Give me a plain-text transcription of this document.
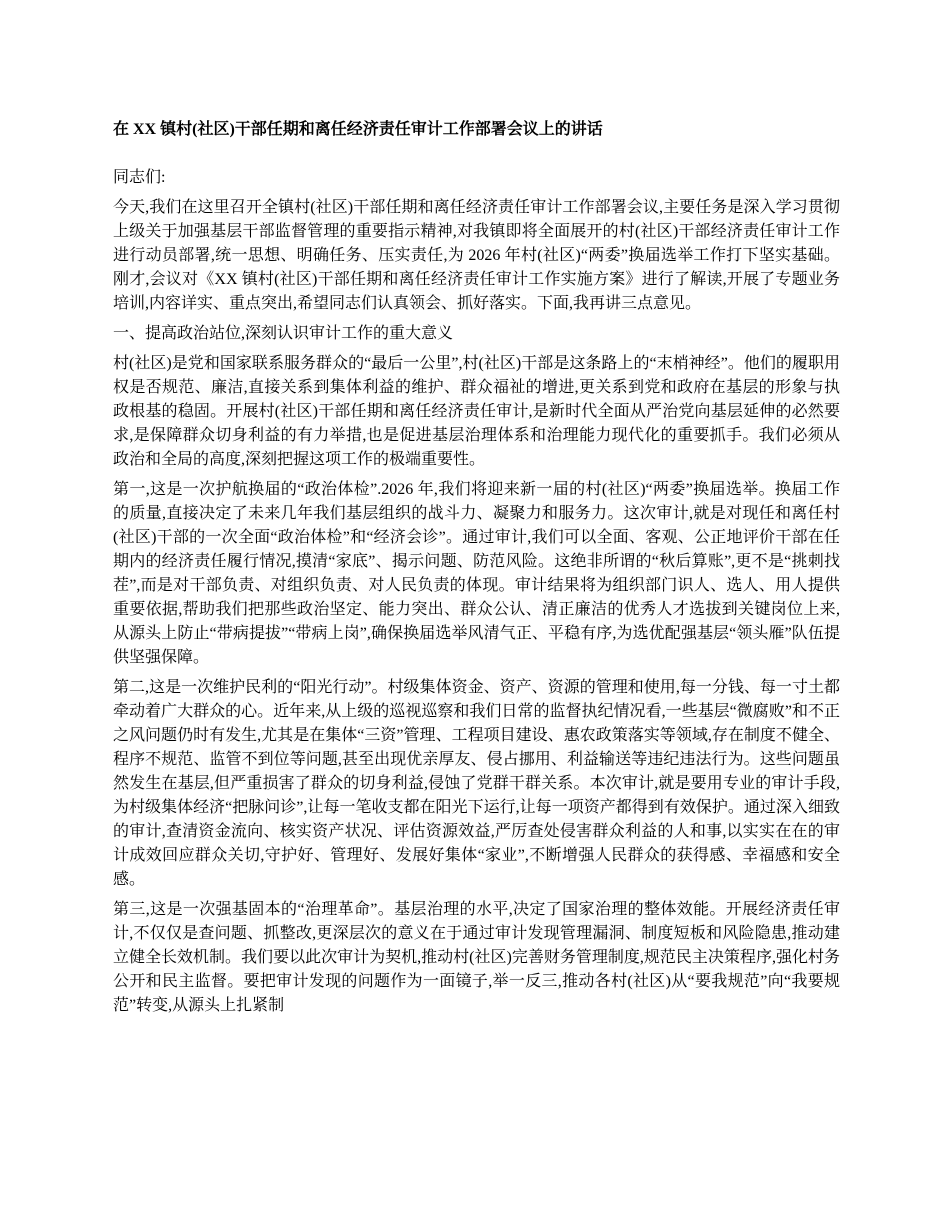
在 XX 镇村(社区)干部任期和离任经济责任审计工作部署会议上的讲话

同志们:

今天,我们在这里召开全镇村(社区)干部任期和离任经济责任审计工作部署会议,主要任务是深入学习贯彻上级关于加强基层干部监督管理的重要指示精神,对我镇即将全面展开的村(社区)干部经济责任审计工作进行动员部署,统一思想、明确任务、压实责任,为 2026 年村(社区)“两委”换届选举工作打下坚实基础。刚才,会议对《XX 镇村(社区)干部任期和离任经济责任审计工作实施方案》进行了解读,开展了专题业务培训,内容详实、重点突出,希望同志们认真领会、抓好落实。下面,我再讲三点意见。

一、提高政治站位,深刻认识审计工作的重大意义

村(社区)是党和国家联系服务群众的“最后一公里”,村(社区)干部是这条路上的“末梢神经”。他们的履职用权是否规范、廉洁,直接关系到集体利益的维护、群众福祉的增进,更关系到党和政府在基层的形象与执政根基的稳固。开展村(社区)干部任期和离任经济责任审计,是新时代全面从严治党向基层延伸的必然要求,是保障群众切身利益的有力举措,也是促进基层治理体系和治理能力现代化的重要抓手。我们必须从政治和全局的高度,深刻把握这项工作的极端重要性。

第一,这是一次护航换届的“政治体检”.2026 年,我们将迎来新一届的村(社区)“两委”换届选举。换届工作的质量,直接决定了未来几年我们基层组织的战斗力、凝聚力和服务力。这次审计,就是对现任和离任村(社区)干部的一次全面“政治体检”和“经济会诊”。通过审计,我们可以全面、客观、公正地评价干部在任期内的经济责任履行情况,摸清“家底”、揭示问题、防范风险。这绝非所谓的“秋后算账”,更不是“挑刺找茬”,而是对干部负责、对组织负责、对人民负责的体现。审计结果将为组织部门识人、选人、用人提供重要依据,帮助我们把那些政治坚定、能力突出、群众公认、清正廉洁的优秀人才选拔到关键岗位上来,从源头上防止“带病提拔”“带病上岗”,确保换届选举风清气正、平稳有序,为选优配强基层“领头雁”队伍提供坚强保障。

第二,这是一次维护民利的“阳光行动”。村级集体资金、资产、资源的管理和使用,每一分钱、每一寸土都牵动着广大群众的心。近年来,从上级的巡视巡察和我们日常的监督执纪情况看,一些基层“微腐败”和不正之风问题仍时有发生,尤其是在集体“三资”管理、工程项目建设、惠农政策落实等领域,存在制度不健全、程序不规范、监管不到位等问题,甚至出现优亲厚友、侵占挪用、利益输送等违纪违法行为。这些问题虽然发生在基层,但严重损害了群众的切身利益,侵蚀了党群干群关系。本次审计,就是要用专业的审计手段,为村级集体经济“把脉问诊”,让每一笔收支都在阳光下运行,让每一项资产都得到有效保护。通过深入细致的审计,查清资金流向、核实资产状况、评估资源效益,严厉查处侵害群众利益的人和事,以实实在在的审计成效回应群众关切,守护好、管理好、发展好集体“家业”,不断增强人民群众的获得感、幸福感和安全感。

第三,这是一次强基固本的“治理革命”。基层治理的水平,决定了国家治理的整体效能。开展经济责任审计,不仅仅是查问题、抓整改,更深层次的意义在于通过审计发现管理漏洞、制度短板和风险隐患,推动建立健全长效机制。我们要以此次审计为契机,推动村(社区)完善财务管理制度,规范民主决策程序,强化村务公开和民主监督。要把审计发现的问题作为一面镜子,举一反三,推动各村(社区)从“要我规范”向“我要规范”转变,从源头上扎紧制
